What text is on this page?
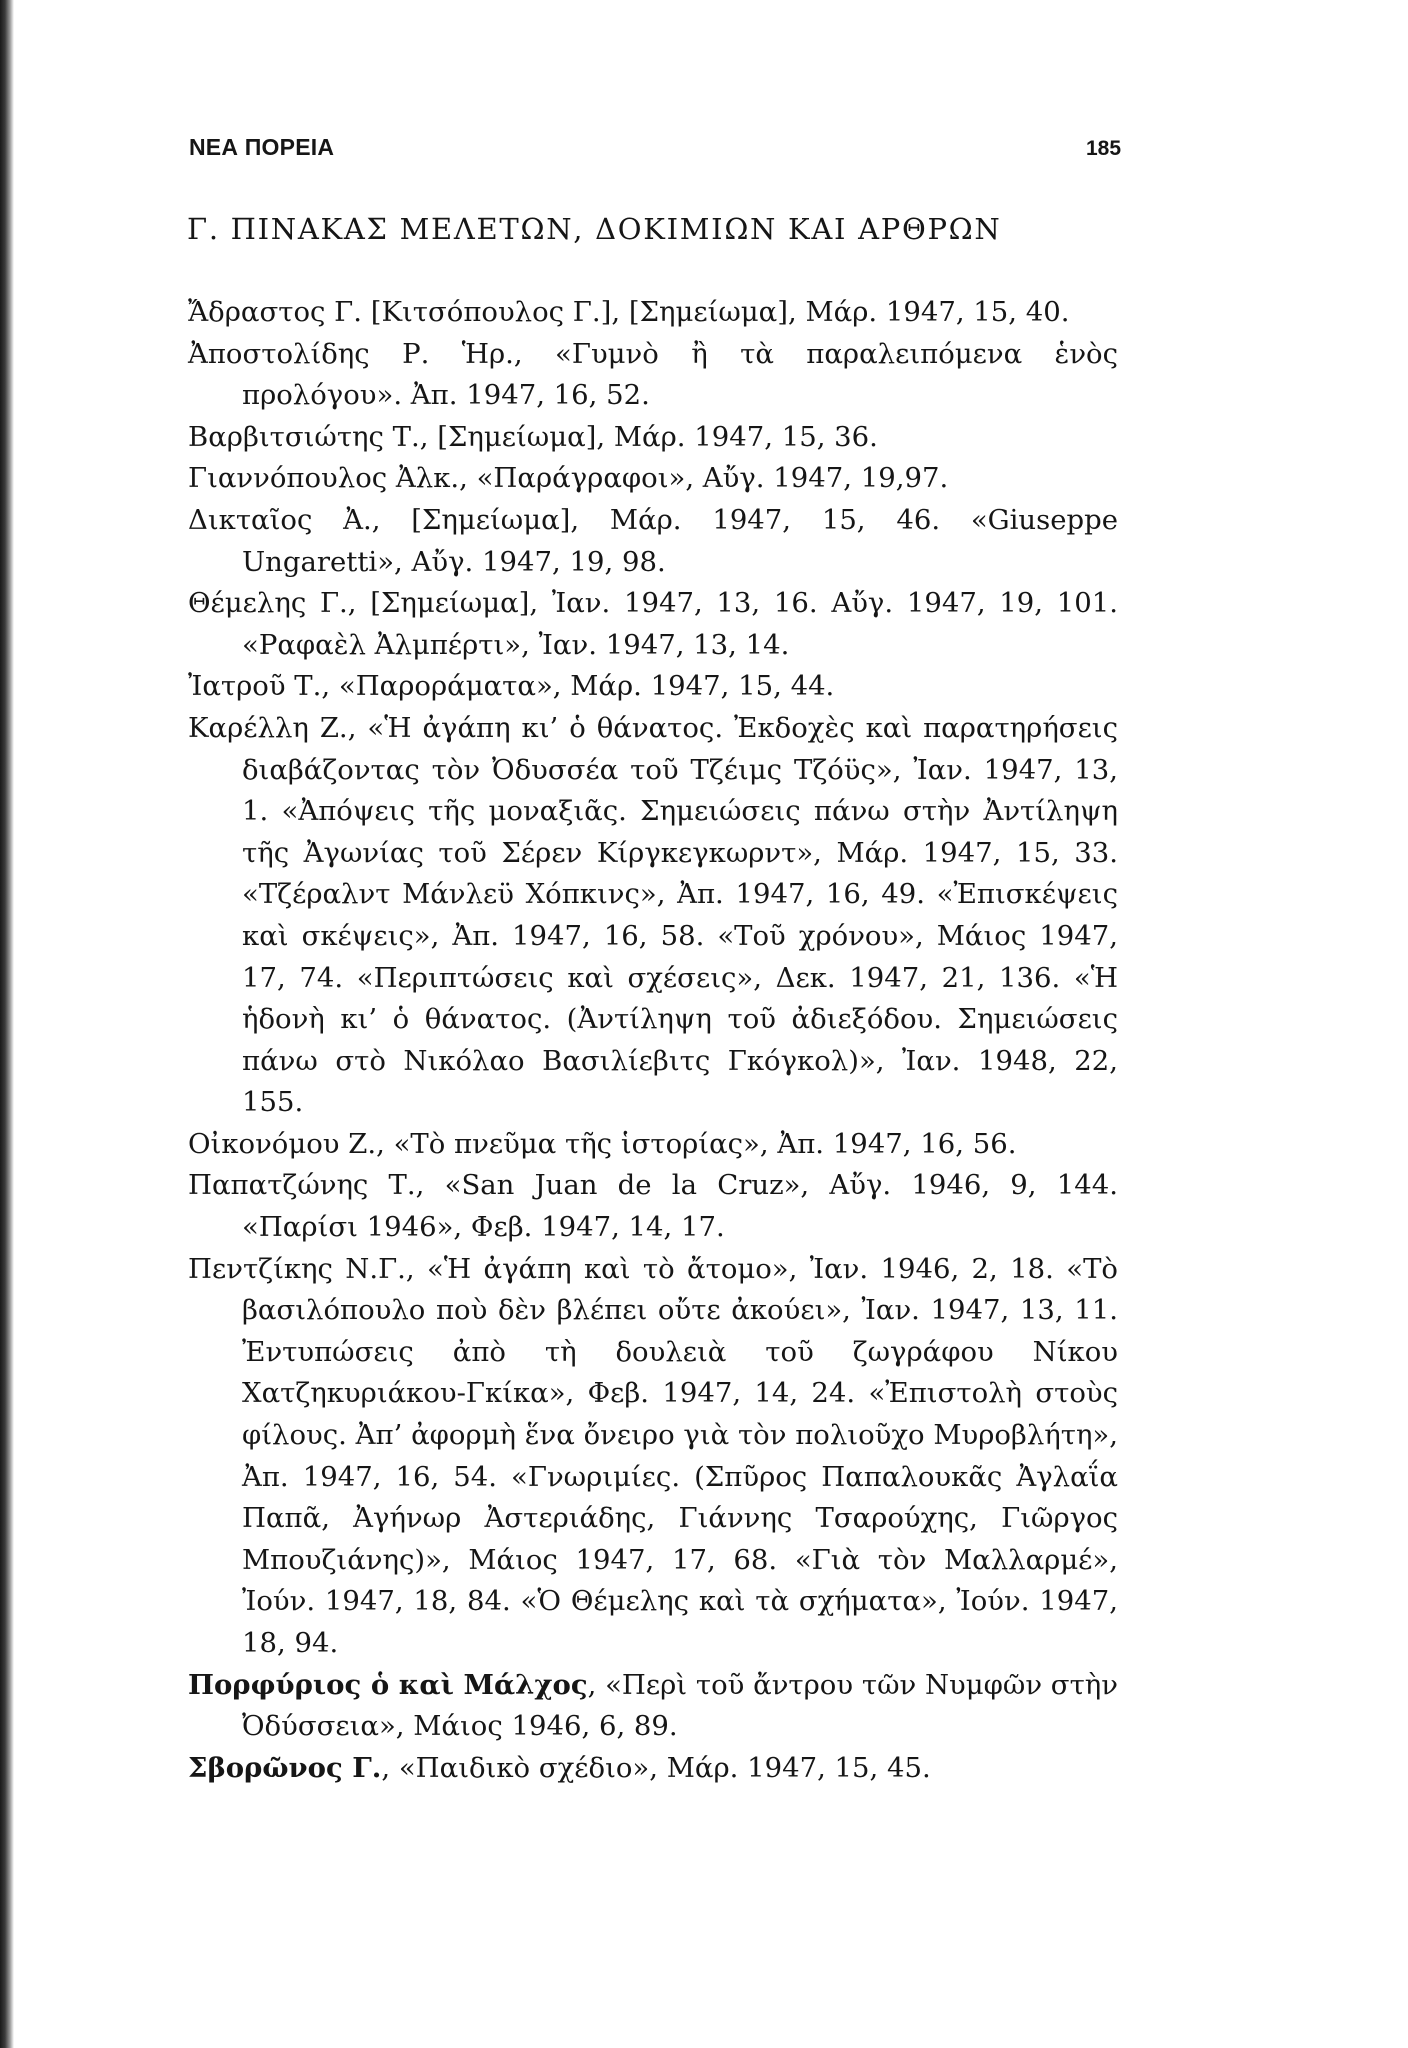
ΝΕΑ ΠΟΡΕΙΑ	185
Γ. ΠΙΝΑΚΑΣ ΜΕΛΕΤΩΝ, ΔΟΚΙΜΙΩΝ ΚΑΙ ΑΡΘΡΩΝ

Ἄδραστος Γ. [Κιτσόπουλος Γ.], [Σημείωμα], Μάρ. 1947, 15, 40.

Ἀποστολίδης Ρ. Ἡρ., «Γυμνὸ ἢ τὰ παραλειπόμενα ἑνὸς προλόγου». Ἀπ. 1947, 16, 52.

Βαρβιτσιώτης Τ., [Σημείωμα], Μάρ. 1947, 15, 36.

Γιαννόπουλος Ἀλκ., «Παράγραφοι», Αὔγ. 1947, 19,97.

Δικταῖος Ἀ., [Σημείωμα], Μάρ. 1947, 15, 46. «Giuseppe Ungaretti», Αὔγ. 1947, 19, 98.

Θέμελης Γ., [Σημείωμα], Ἰαν. 1947, 13, 16. Αὔγ. 1947, 19, 101. «Ραφαὲλ Ἀλμπέρτι», Ἰαν. 1947, 13, 14.

Ἰατροῦ Τ., «Παροράματα», Μάρ. 1947, 15, 44.

Καρέλλη Ζ., «Ἡ ἀγάπη κι’ ὁ θάνατος. Ἐκδοχὲς καὶ παρατηρήσεις διαβάζοντας τὸν Ὀδυσσέα τοῦ Τζέιμς Τζόϋς», Ἰαν. 1947, 13, 1. «Ἀπόψεις τῆς μοναξιᾶς. Σημειώσεις πάνω στὴν Ἀντίληψη τῆς Ἀγωνίας τοῦ Σέρεν Κίργκεγκωρντ», Μάρ. 1947, 15, 33. «Τζέραλντ Μάνλεϋ Χόπκινς», Ἀπ. 1947, 16, 49. «Ἐπισκέψεις καὶ σκέψεις», Ἀπ. 1947, 16, 58. «Τοῦ χρόνου», Μάιος 1947, 17, 74. «Περιπτώσεις καὶ σχέσεις», Δεκ. 1947, 21, 136. «Ἡ ἡδονὴ κι’ ὁ θάνατος. (Ἀντίληψη τοῦ ἀδιεξόδου. Σημειώσεις πάνω στὸ Νικόλαο Βασιλίεβιτς Γκόγκολ)», Ἰαν. 1948, 22, 155.

Οἰκονόμου Ζ., «Τὸ πνεῦμα τῆς ἱστορίας», Ἀπ. 1947, 16, 56.

Παπατζώνης Τ., «San Juan de la Cruz», Αὔγ. 1946, 9, 144. «Παρίσι 1946», Φεβ. 1947, 14, 17.

Πεντζίκης Ν.Γ., «Ἡ ἀγάπη καὶ τὸ ἄτομο», Ἰαν. 1946, 2, 18. «Τὸ βασιλόπουλο ποὺ δὲν βλέπει οὔτε ἀκούει», Ἰαν. 1947, 13, 11. Ἐντυπώσεις ἀπὸ τὴ δουλειὰ τοῦ ζωγράφου Νίκου Χατζηκυριάκου-Γκίκα», Φεβ. 1947, 14, 24. «Ἐπιστολὴ στοὺς φίλους. Ἀπ’ ἀφορμὴ ἕνα ὄνειρο γιὰ τὸν πολιοῦχο Μυροβλήτη», Ἀπ. 1947, 16, 54. «Γνωριμίες. (Σπῦρος Παπαλουκᾶς Ἀγλαΐα Παπᾶ, Ἀγήνωρ Ἀστεριάδης, Γιάννης Τσαρούχης, Γιῶργος Μπουζιάνης)», Μάιος 1947, 17, 68. «Γιὰ τὸν Μαλλαρμέ», Ἰούν. 1947, 18, 84. «Ὁ Θέμελης καὶ τὰ σχήματα», Ἰούν. 1947, 18, 94.

Πορφύριος ὁ καὶ Μάλχος, «Περὶ τοῦ ἄντρου τῶν Νυμφῶν στὴν Ὀδύσσεια», Μάιος 1946, 6, 89.

Σβορῶνος Γ., «Παιδικὸ σχέδιο», Μάρ. 1947, 15, 45.
